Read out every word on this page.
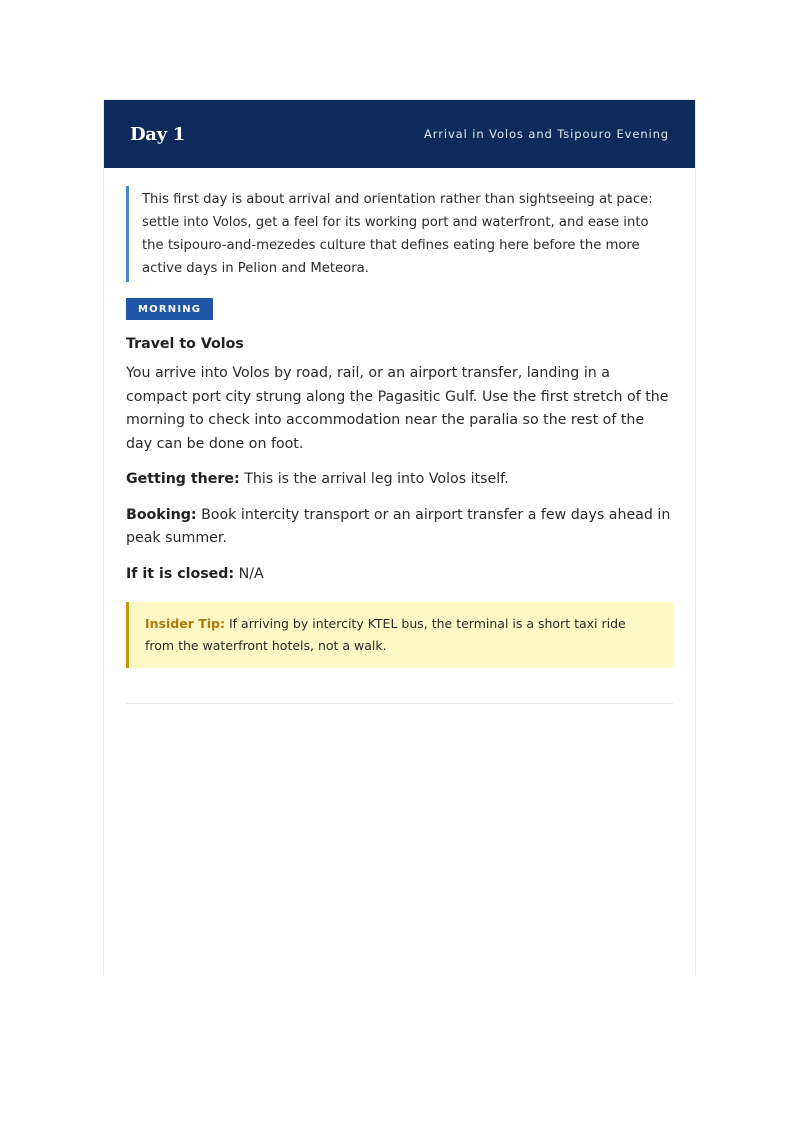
Day 1	Arrival in Volos and Tsipouro Evening
This first day is about arrival and orientation rather than sightseeing at pace: settle into Volos, get a feel for its working port and waterfront, and ease into the tsipouro-and-mezedes culture that defines eating here before the more active days in Pelion and Meteora.
MORNING
Travel to Volos
You arrive into Volos by road, rail, or an airport transfer, landing in a compact port city strung along the Pagasitic Gulf. Use the first stretch of the morning to check into accommodation near the paralia so the rest of the day can be done on foot.
Getting there: This is the arrival leg into Volos itself.
Booking: Book intercity transport or an airport transfer a few days ahead in peak summer.
If it is closed: N/A
Insider Tip: If arriving by intercity KTEL bus, the terminal is a short taxi ride from the waterfront hotels, not a walk.
